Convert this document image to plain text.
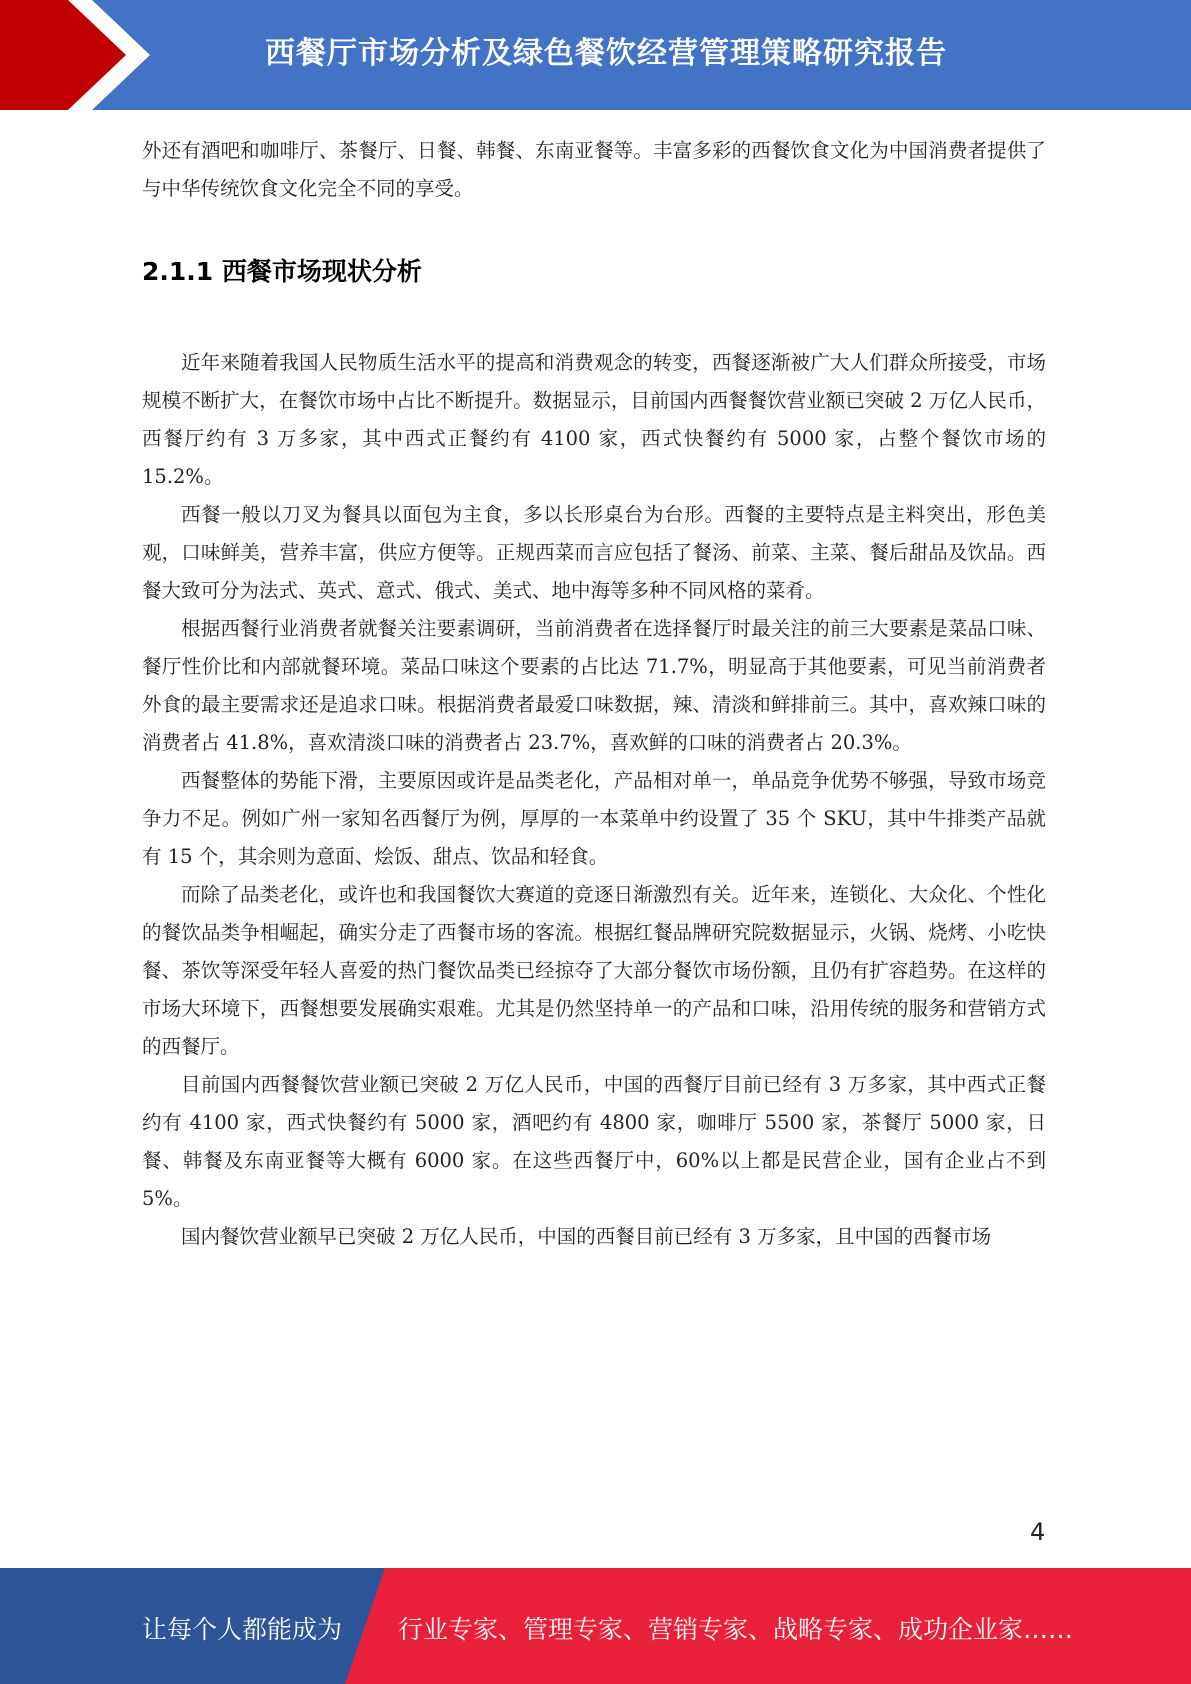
西餐厅市场分析及绿色餐饮经营管理策略研究报告

外还有酒吧和咖啡厅、茶餐厅、日餐、韩餐、东南亚餐等。丰富多彩的西餐饮食文化为中国消费者提供了与中华传统饮食文化完全不同的享受。

2.1.1 西餐市场现状分析

近年来随着我国人民物质生活水平的提高和消费观念的转变，西餐逐渐被广大人们群众所接受，市场规模不断扩大，在餐饮市场中占比不断提升。数据显示，目前国内西餐餐饮营业额已突破 2 万亿人民币，西餐厅约有 3 万多家，其中西式正餐约有 4100 家，西式快餐约有 5000 家，占整个餐饮市场的 15.2%。

西餐一般以刀叉为餐具以面包为主食，多以长形桌台为台形。西餐的主要特点是主料突出，形色美观，口味鲜美，营养丰富，供应方便等。正规西菜而言应包括了餐汤、前菜、主菜、餐后甜品及饮品。西餐大致可分为法式、英式、意式、俄式、美式、地中海等多种不同风格的菜肴。

根据西餐行业消费者就餐关注要素调研，当前消费者在选择餐厅时最关注的前三大要素是菜品口味、餐厅性价比和内部就餐环境。菜品口味这个要素的占比达 71.7%，明显高于其他要素，可见当前消费者外食的最主要需求还是追求口味。根据消费者最爱口味数据，辣、清淡和鲜排前三。其中，喜欢辣口味的消费者占 41.8%，喜欢清淡口味的消费者占 23.7%，喜欢鲜的口味的消费者占 20.3%。

西餐整体的势能下滑，主要原因或许是品类老化，产品相对单一，单品竞争优势不够强，导致市场竞争力不足。例如广州一家知名西餐厅为例，厚厚的一本菜单中约设置了 35 个 SKU，其中牛排类产品就有 15 个，其余则为意面、烩饭、甜点、饮品和轻食。

而除了品类老化，或许也和我国餐饮大赛道的竞逐日渐激烈有关。近年来，连锁化、大众化、个性化的餐饮品类争相崛起，确实分走了西餐市场的客流。根据红餐品牌研究院数据显示，火锅、烧烤、小吃快餐、茶饮等深受年轻人喜爱的热门餐饮品类已经掠夺了大部分餐饮市场份额，且仍有扩容趋势。在这样的市场大环境下，西餐想要发展确实艰难。尤其是仍然坚持单一的产品和口味，沿用传统的服务和营销方式的西餐厅。

目前国内西餐餐饮营业额已突破 2 万亿人民币，中国的西餐厅目前已经有 3 万多家，其中西式正餐约有 4100 家，西式快餐约有 5000 家，酒吧约有 4800 家，咖啡厅 5500 家，茶餐厅 5000 家，日餐、韩餐及东南亚餐等大概有 6000 家。在这些西餐厅中，60%以上都是民营企业，国有企业占不到 5%。

国内餐饮营业额早已突破 2 万亿人民币，中国的西餐目前已经有 3 万多家，且中国的西餐市场

4
让每个人都能成为 行业专家、管理专家、营销专家、战略专家、成功企业家……
